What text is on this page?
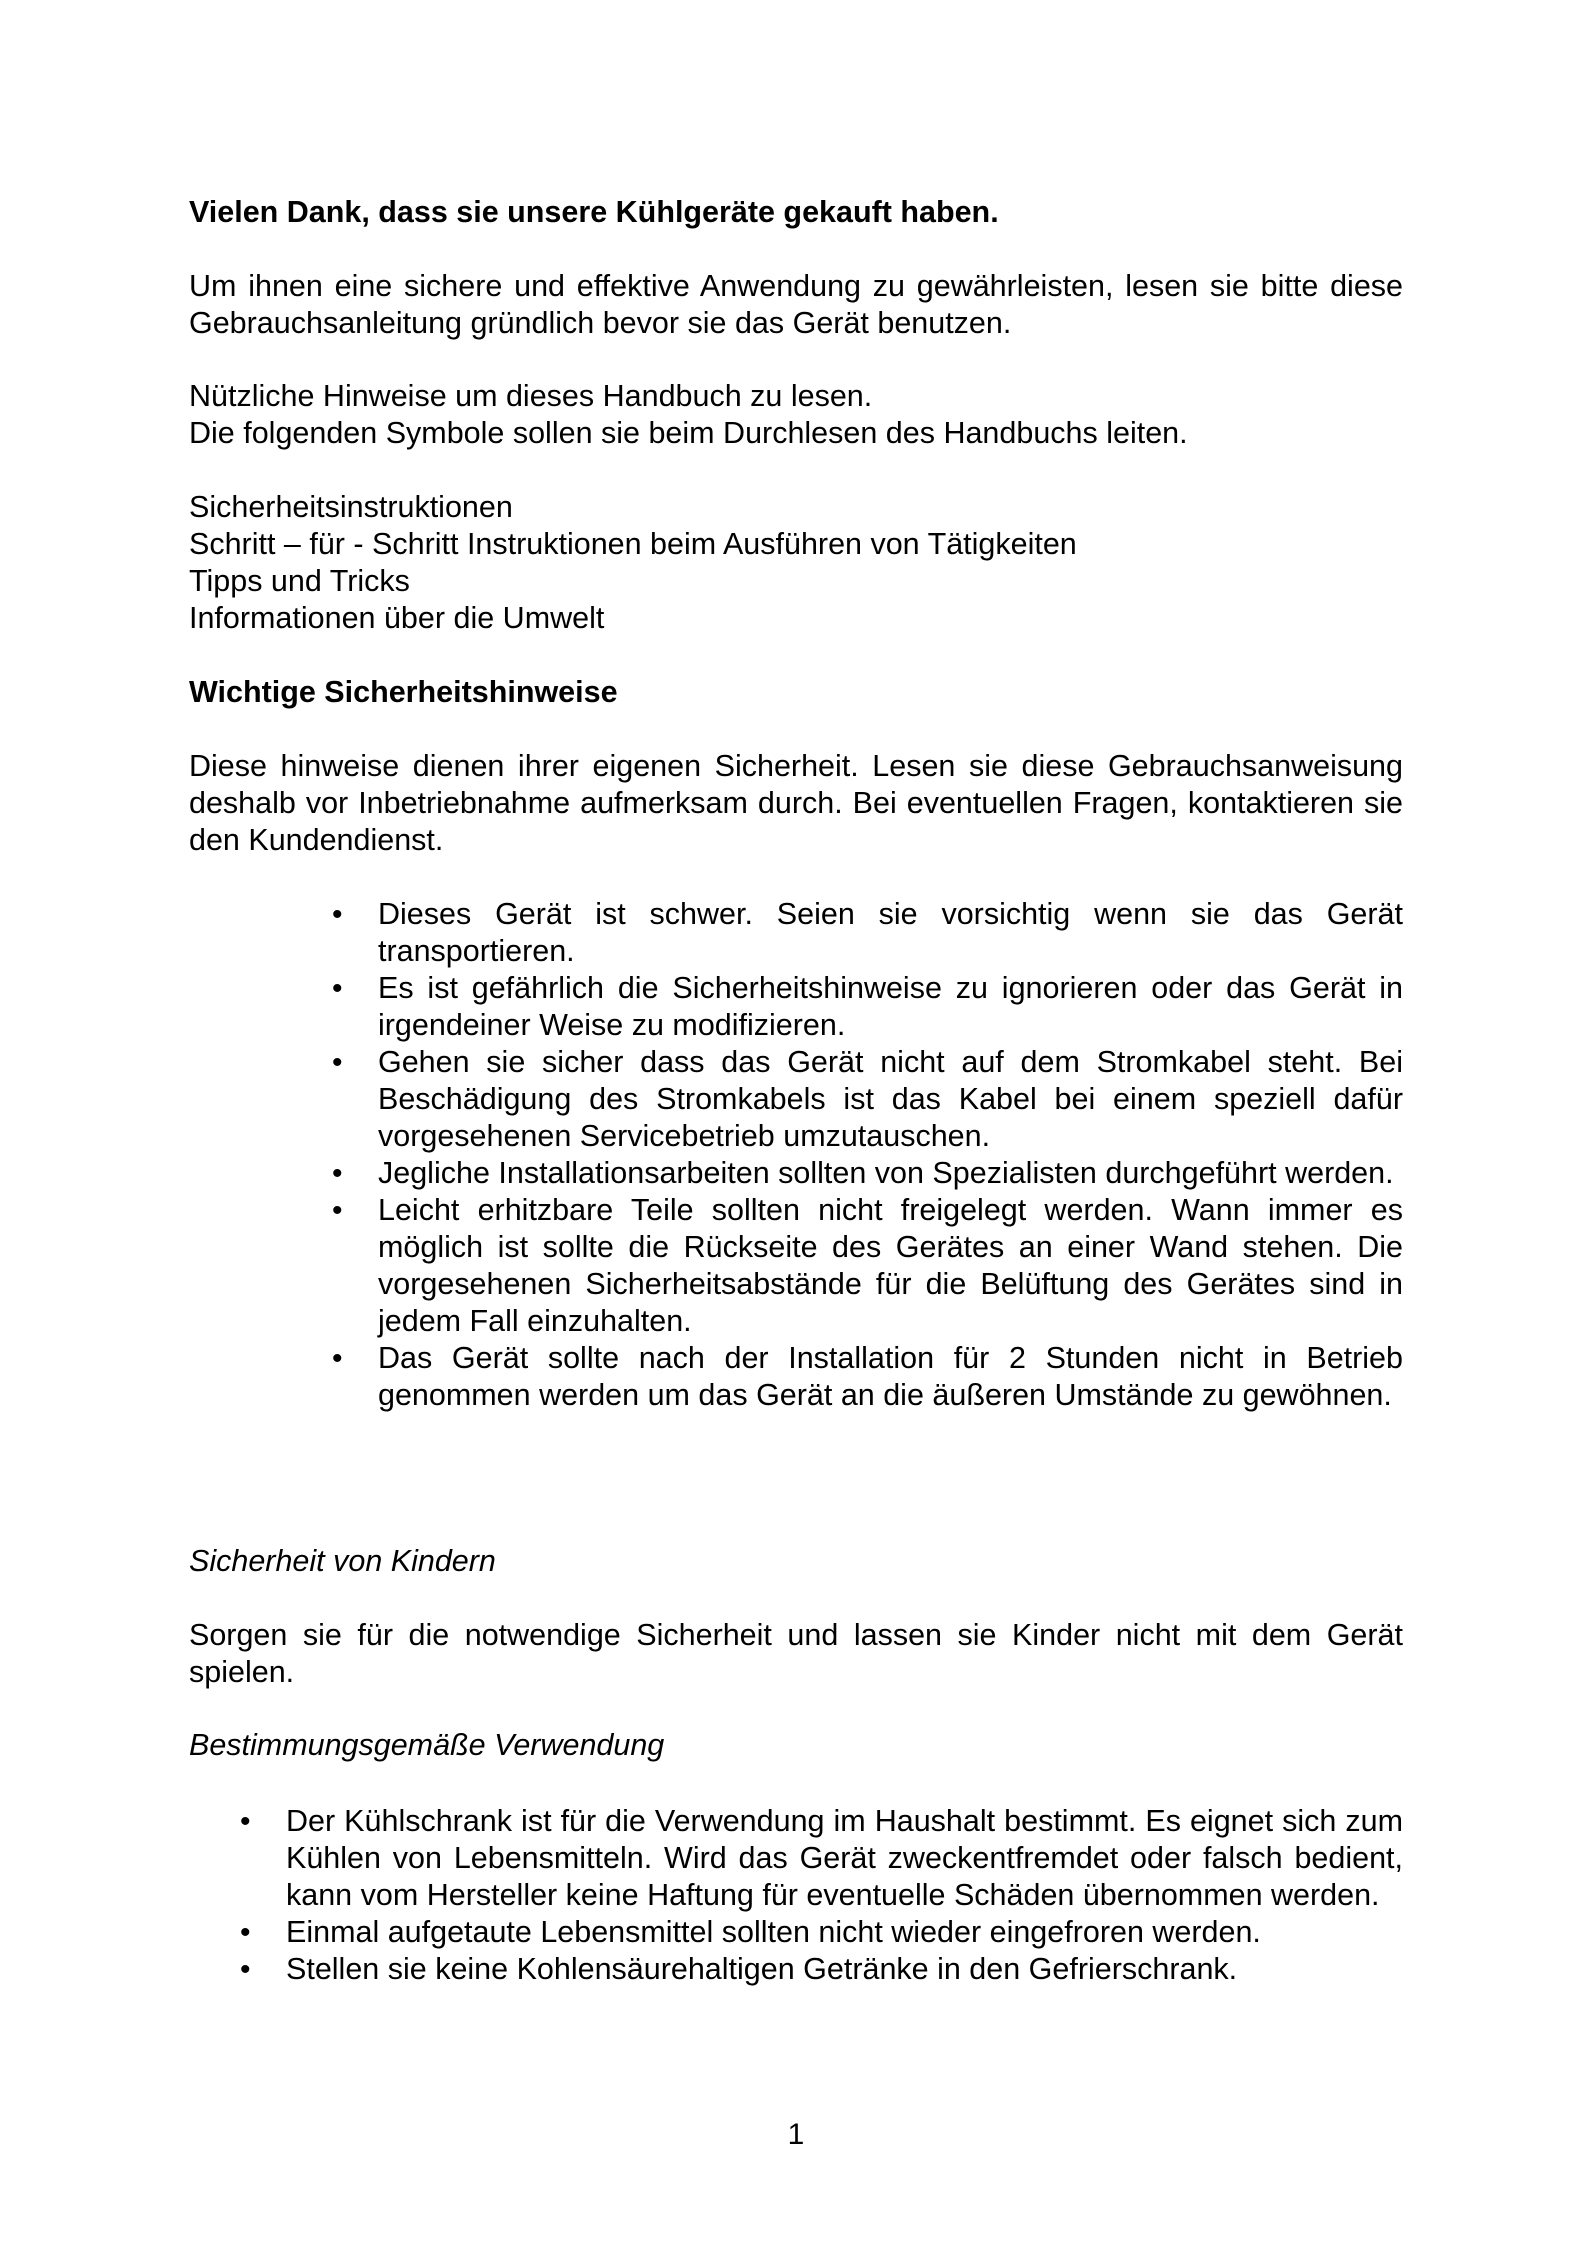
Vielen Dank, dass sie unsere Kühlgeräte gekauft haben.

Um ihnen eine sichere und effektive Anwendung zu gewährleisten, lesen sie bitte diese Gebrauchsanleitung gründlich bevor sie das Gerät benutzen.

Nützliche Hinweise um dieses Handbuch zu lesen.

Die folgenden Symbole sollen sie beim Durchlesen des Handbuchs leiten.

Sicherheitsinstruktionen

Schritt – für - Schritt Instruktionen beim Ausführen von Tätigkeiten

Tipps und Tricks

Informationen über die Umwelt

Wichtige Sicherheitshinweise

Diese hinweise dienen ihrer eigenen Sicherheit. Lesen sie diese Gebrauchsanweisung deshalb vor Inbetriebnahme aufmerksam durch. Bei eventuellen Fragen, kontaktieren sie den Kundendienst.

• Dieses Gerät ist schwer. Seien sie vorsichtig wenn sie das Gerät transportieren.
• Es ist gefährlich die Sicherheitshinweise zu ignorieren oder das Gerät in irgendeiner Weise zu modifizieren.
• Gehen sie sicher dass das Gerät nicht auf dem Stromkabel steht. Bei Beschädigung des Stromkabels ist das Kabel bei einem speziell dafür vorgesehenen Servicebetrieb umzutauschen.
• Jegliche Installationsarbeiten sollten von Spezialisten durchgeführt werden.
• Leicht erhitzbare Teile sollten nicht freigelegt werden. Wann immer es möglich ist sollte die Rückseite des Gerätes an einer Wand stehen. Die vorgesehenen Sicherheitsabstände für die Belüftung des Gerätes sind in jedem Fall einzuhalten.
• Das Gerät sollte nach der Installation für 2 Stunden nicht in Betrieb genommen werden um das Gerät an die äußeren Umstände zu gewöhnen.

Sicherheit von Kindern

Sorgen sie für die notwendige Sicherheit und lassen sie Kinder nicht mit dem Gerät spielen.

Bestimmungsgemäße Verwendung

• Der Kühlschrank ist für die Verwendung im Haushalt bestimmt. Es eignet sich zum Kühlen von Lebensmitteln. Wird das Gerät zweckentfremdet oder falsch bedient, kann vom Hersteller keine Haftung für eventuelle Schäden übernommen werden.
• Einmal aufgetaute Lebensmittel sollten nicht wieder eingefroren werden.
• Stellen sie keine Kohlensäurehaltigen Getränke in den Gefrierschrank.
1
